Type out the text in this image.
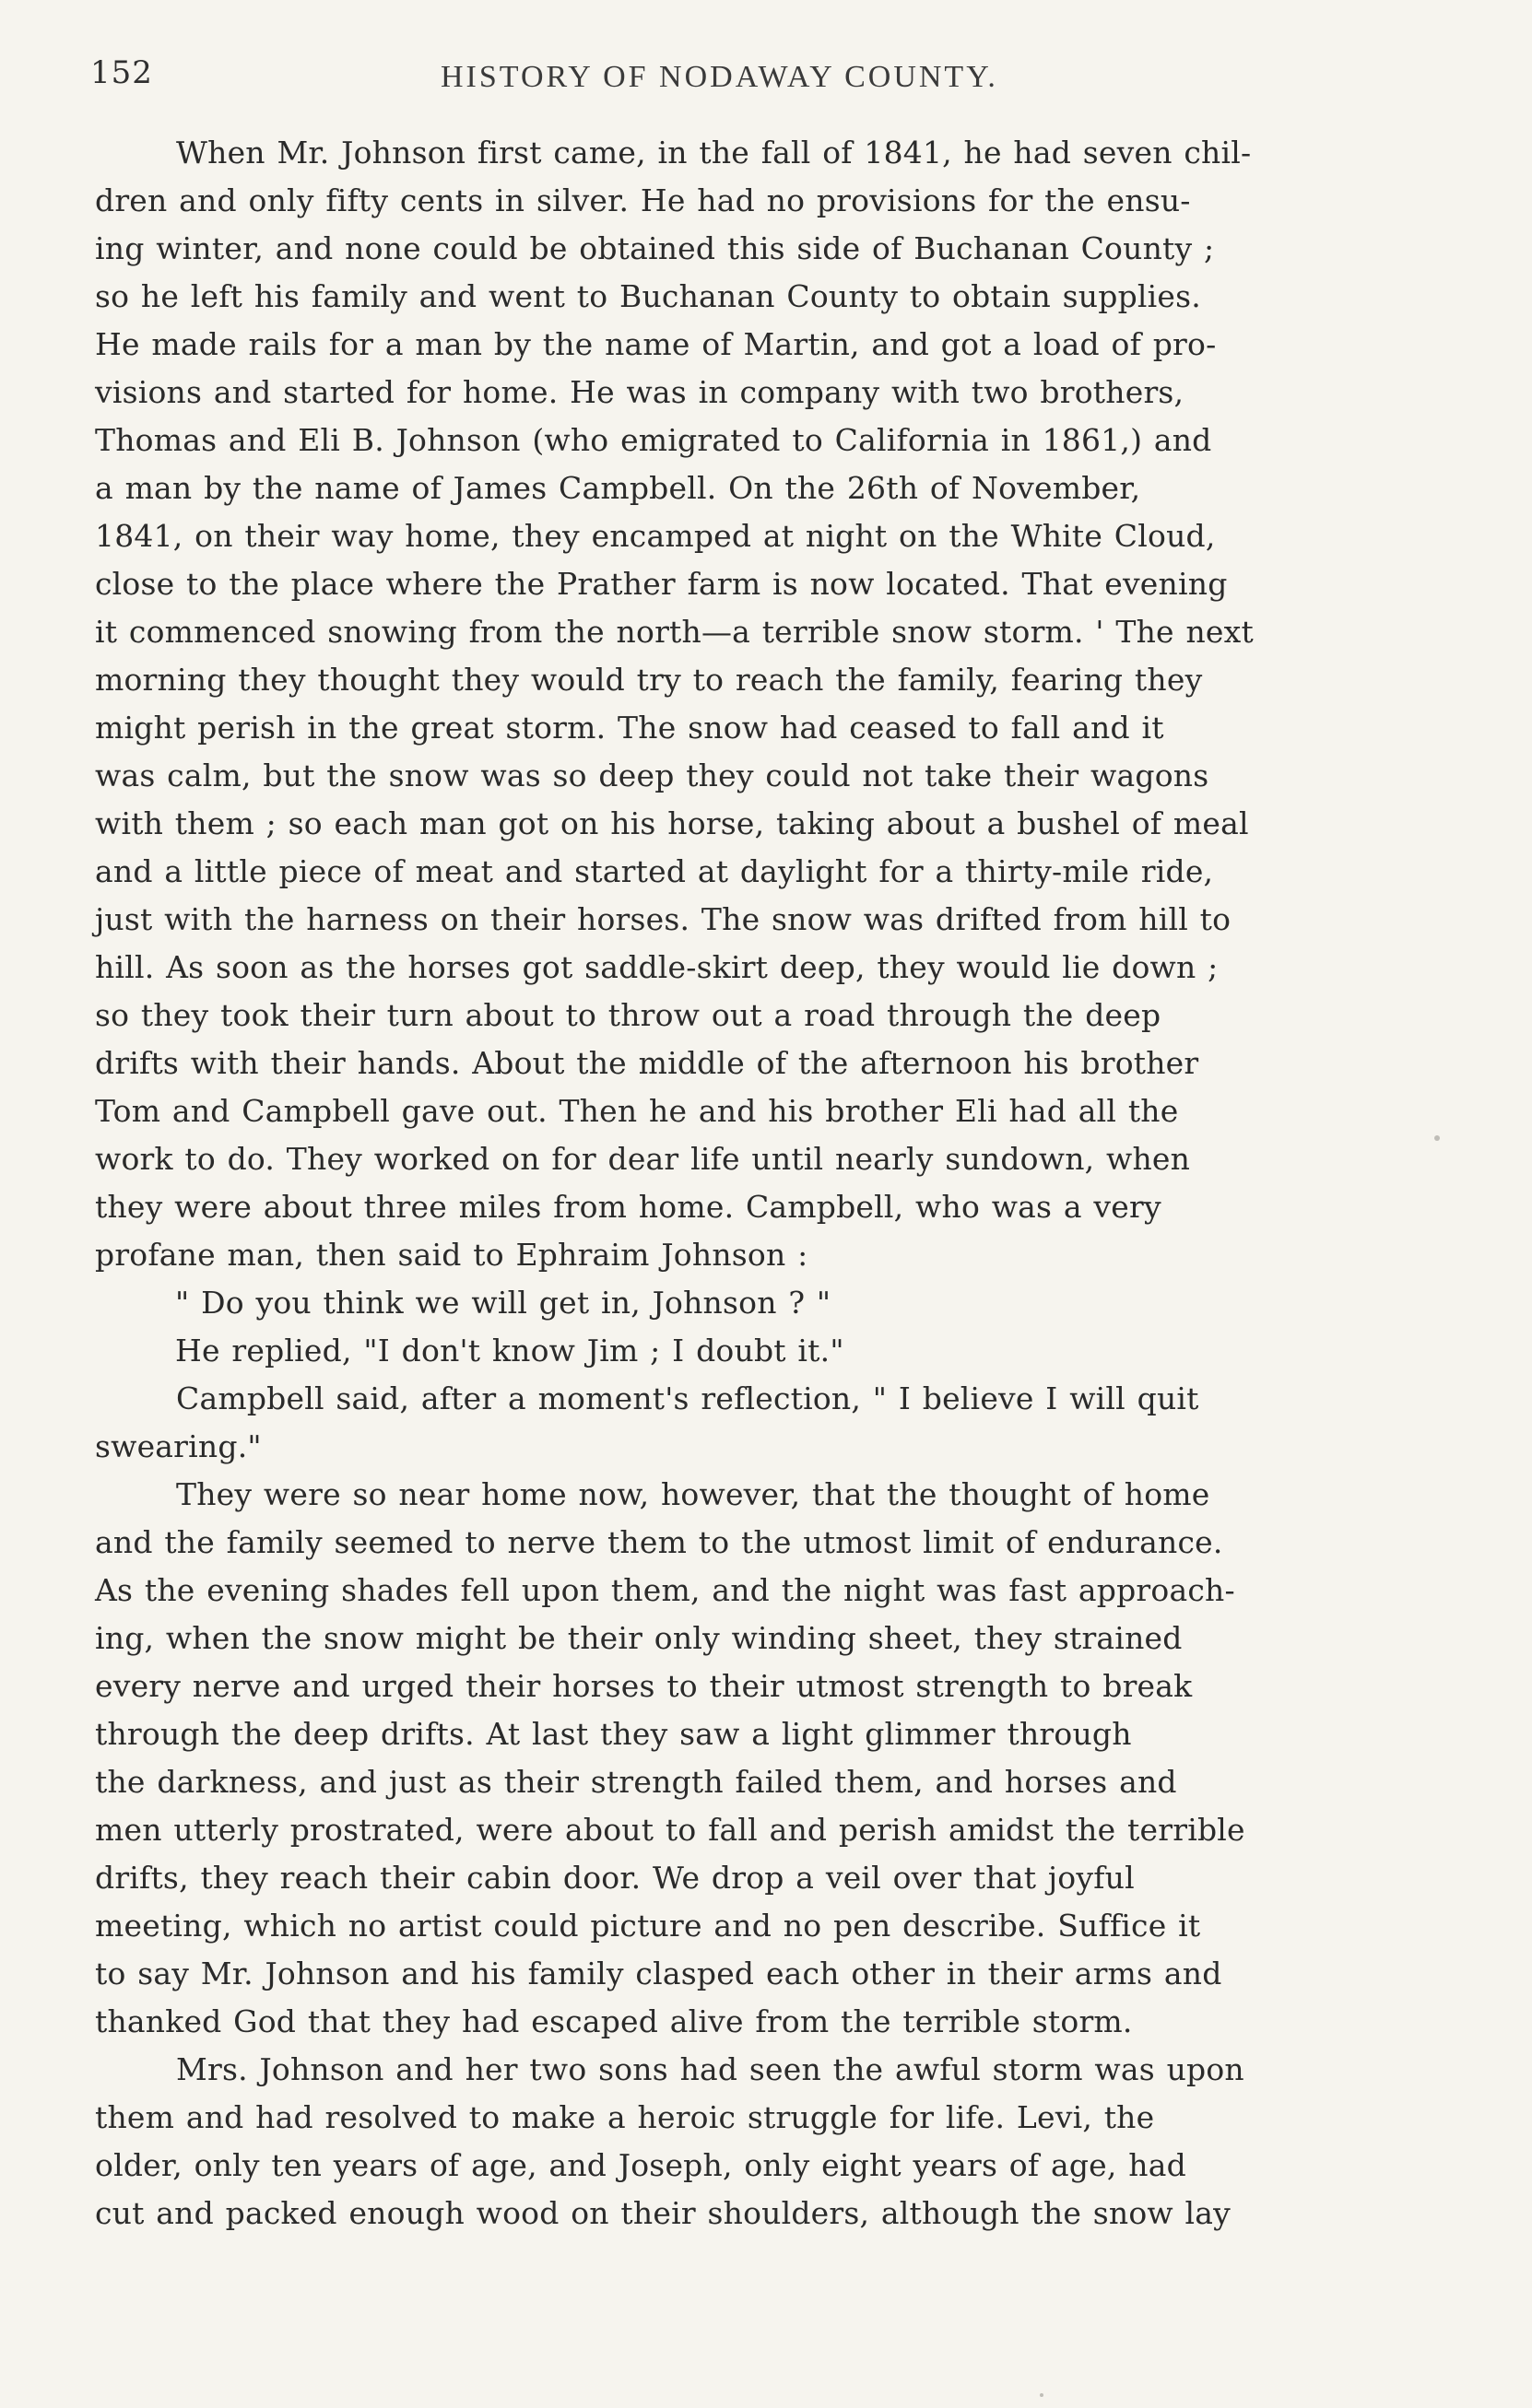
152	HISTORY OF NODAWAY COUNTY.
When Mr. Johnson first came, in the fall of 1841, he had seven chil-
dren and only fifty cents in silver. He had no provisions for the ensu-
ing winter, and none could be obtained this side of Buchanan County ;
so he left his family and went to Buchanan County to obtain supplies.
He made rails for a man by the name of Martin, and got a load of pro-
visions and started for home. He was in company with two brothers,
Thomas and Eli B. Johnson (who emigrated to California in 1861,) and
a man by the name of James Campbell. On the 26th of November,
1841, on their way home, they encamped at night on the White Cloud,
close to the place where the Prather farm is now located. That evening
it commenced snowing from the north—a terrible snow storm. ' The next
morning they thought they would try to reach the family, fearing they
might perish in the great storm. The snow had ceased to fall and it
was calm, but the snow was so deep they could not take their wagons
with them ; so each man got on his horse, taking about a bushel of meal
and a little piece of meat and started at daylight for a thirty-mile ride,
just with the harness on their horses. The snow was drifted from hill to
hill. As soon as the horses got saddle-skirt deep, they would lie down ;
so they took their turn about to throw out a road through the deep
drifts with their hands. About the middle of the afternoon his brother
Tom and Campbell gave out. Then he and his brother Eli had all the
work to do. They worked on for dear life until nearly sundown, when
they were about three miles from home. Campbell, who was a very
profane man, then said to Ephraim Johnson :
" Do you think we will get in, Johnson ? "
He replied, "I don't know Jim ; I doubt it."
Campbell said, after a moment's reflection, " I believe I will quit
swearing."
They were so near home now, however, that the thought of home
and the family seemed to nerve them to the utmost limit of endurance.
As the evening shades fell upon them, and the night was fast approach-
ing, when the snow might be their only winding sheet, they strained
every nerve and urged their horses to their utmost strength to break
through the deep drifts. At last they saw a light glimmer through
the darkness, and just as their strength failed them, and horses and
men utterly prostrated, were about to fall and perish amidst the terrible
drifts, they reach their cabin door. We drop a veil over that joyful
meeting, which no artist could picture and no pen describe. Suffice it
to say Mr. Johnson and his family clasped each other in their arms and
thanked God that they had escaped alive from the terrible storm.
Mrs. Johnson and her two sons had seen the awful storm was upon
them and had resolved to make a heroic struggle for life. Levi, the
older, only ten years of age, and Joseph, only eight years of age, had
cut and packed enough wood on their shoulders, although the snow lay
